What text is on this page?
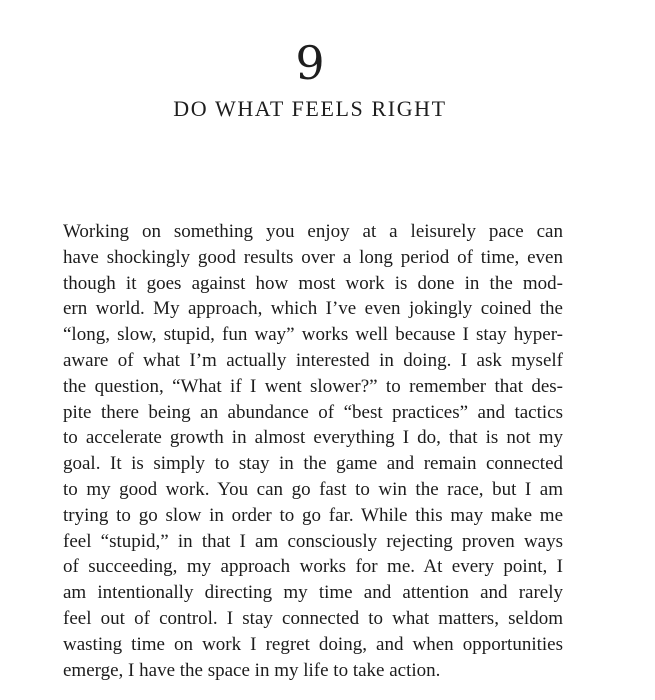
9
DO WHAT FEELS RIGHT
Working on something you enjoy at a leisurely pace can
have shockingly good results over a long period of time, even
though it goes against how most work is done in the mod-
ern world. My approach, which I’ve even jokingly coined the
“long, slow, stupid, fun way” works well because I stay hyper-
aware of what I’m actually interested in doing. I ask myself
the question, “What if I went slower?” to remember that des-
pite there being an abundance of “best practices” and tactics
to accelerate growth in almost everything I do, that is not my
goal. It is simply to stay in the game and remain connected
to my good work. You can go fast to win the race, but I am
trying to go slow in order to go far. While this may make me
feel “stupid,” in that I am consciously rejecting proven ways
of succeeding, my approach works for me. At every point, I
am intentionally directing my time and attention and rarely
feel out of control. I stay connected to what matters, seldom
wasting time on work I regret doing, and when opportunities
emerge, I have the space in my life to take action.
